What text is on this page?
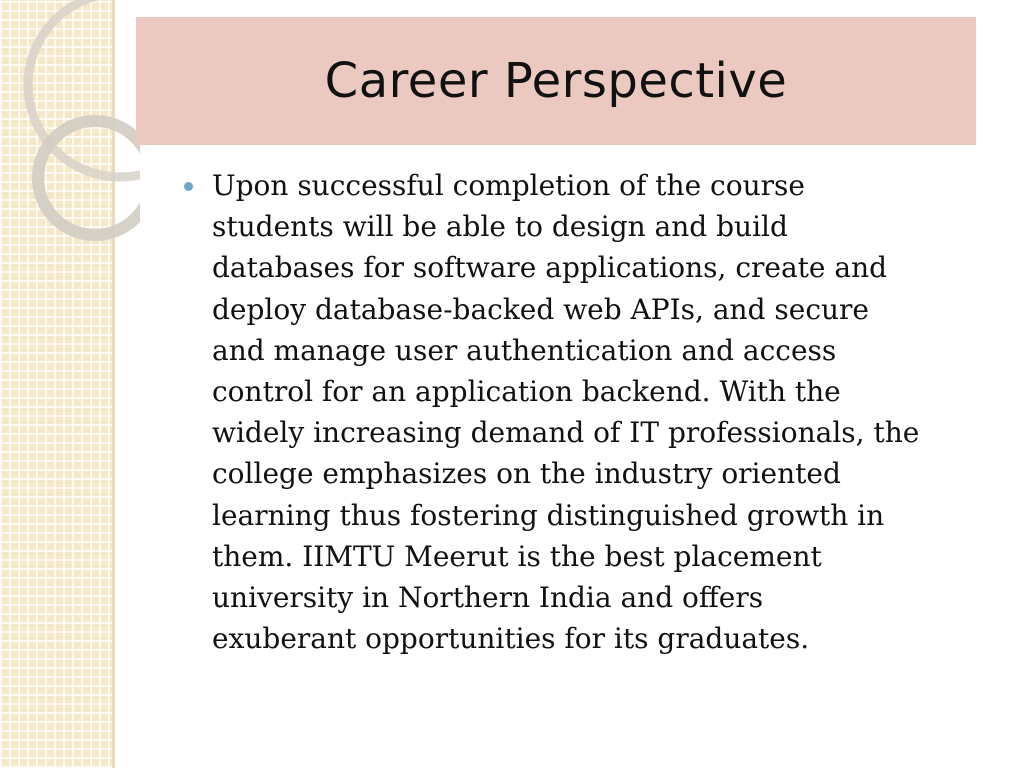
Career Perspective
Upon successful completion of the course
students will be able to design and build
databases for software applications, create and
deploy database-backed web APIs, and secure
and manage user authentication and access
control for an application backend. With the
widely increasing demand of IT professionals, the
college emphasizes on the industry oriented
learning thus fostering distinguished growth in
them. IIMTU Meerut is the best placement
university in Northern India and offers
exuberant opportunities for its graduates.
